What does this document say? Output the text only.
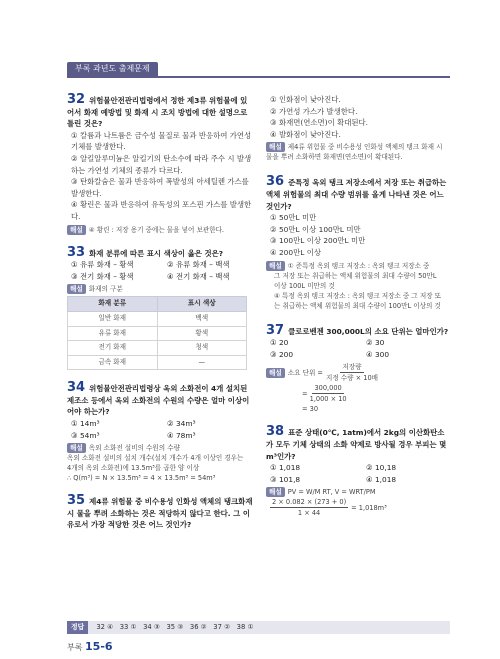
부록 과년도 출제문제
32 위험물안전관리법령에서 정한 제3류 위험물에 있어서 화재 예방법 및 화재 시 조치 방법에 대한 설명으로 틀린 것은?
① 칼륨과 나트륨은 금수성 물질로 물과 반응하여 가연성 기체를 발생한다.
② 알킬알루미늄은 알킬기의 탄소수에 따라 주수 시 발생하는 가연성 기체의 종류가 다르다.
③ 탄화칼슘은 물과 반응하여 폭발성의 아세틸렌 가스를 발생한다.
④ 황린은 물과 반응하여 유독성의 포스핀 가스를 발생한다.
해설 ④ 황린 : 저장 용기 중에는 물을 넣어 보관한다.
33 화재 분류에 따른 표시 색상이 옳은 것은?
① 유류 화재 – 황색	② 유류 화재 – 백색
③ 전기 화재 – 황색	④ 전기 화재 – 백색
해설 화재의 구분
화재 분류	표시 색상
일반 화재	백색
유류 화재	황색
전기 화재	청색
금속 화재	—
34 위험물안전관리법령상 옥외 소화전이 4개 설치된 제조소 등에서 옥외 소화전의 수원의 수량은 얼마 이상이어야 하는가?
① 14m³	② 34m³
③ 54m³	④ 78m³
해설 옥외 소화전 설비의 수원의 수량
옥외 소화전 설비의 설치 개수(설치 개수가 4개 이상인 경우는
4개의 옥외 소화전)에 13.5m³를 곱한 양 이상
∴ Q(m³) = N × 13.5m³ = 4 × 13.5m³ = 54m³
35 제4류 위험물 중 비수용성 인화성 액체의 탱크화재 시 물을 뿌려 소화하는 것은 적당하지 않다고 한다. 그 이유로서 가장 적당한 것은 어느 것인가?
① 인화점이 낮아진다.
② 가연성 가스가 발생한다.
③ 화재면(연소면)이 확대된다.
④ 발화점이 낮아진다.
해설 제4류 위험물 중 비수용성 인화성 액체의 탱크 화재 시 물을 뿌려 소화하면 화재면(연소면)이 확대된다.
36 준특정 옥외 탱크 저장소에서 저장 또는 취급하는 액체 위험물의 최대 수량 범위를 올게 나타낸 것은 어느 것인가?
① 50만L 미만
② 50만L 이상 100만L 미만
③ 100만L 이상 200만L 미만
④ 200만L 이상
해설 ① 준특정 옥외 탱크 저장소 : 옥외 탱크 저장소 중
그 저장 또는 취급하는 액체 위험물의 최대 수량이 50만L
이상 100L 미만의 것
④ 특정 옥외 탱크 저장소 : 옥외 탱크 저장소 중 그 저장 또
는 취급하는 액체 위험물의 최대 수량이 100만L 이상의 것
37 클로로벤젠 300,000L의 소요 단위는 얼마인가?
① 20	② 30
③ 200	④ 300
해설 소요 단위 =
저장량
지정 수량 × 10배
= $\frac{300,000}{1,000 \times 10}$
= 30
38 표준 상태(0℃, 1atm)에서 2kg의 이산화탄소가 모두 기체 상태의 소화 약제로 방사될 경우 부피는 몇 m³인가?
① 1,018	② 10,18
③ 101,8	④ 1,018
해설 PV = W/M RT, V = WRT/PM
$\frac{2 \times 0.082 \times (273 + 0)}{1 \times 44} = 1,018m^3$
정답 32 ④ 33 ① 34 ③ 35 ③ 36 ② 37 ② 38 ①
부록 15-6
